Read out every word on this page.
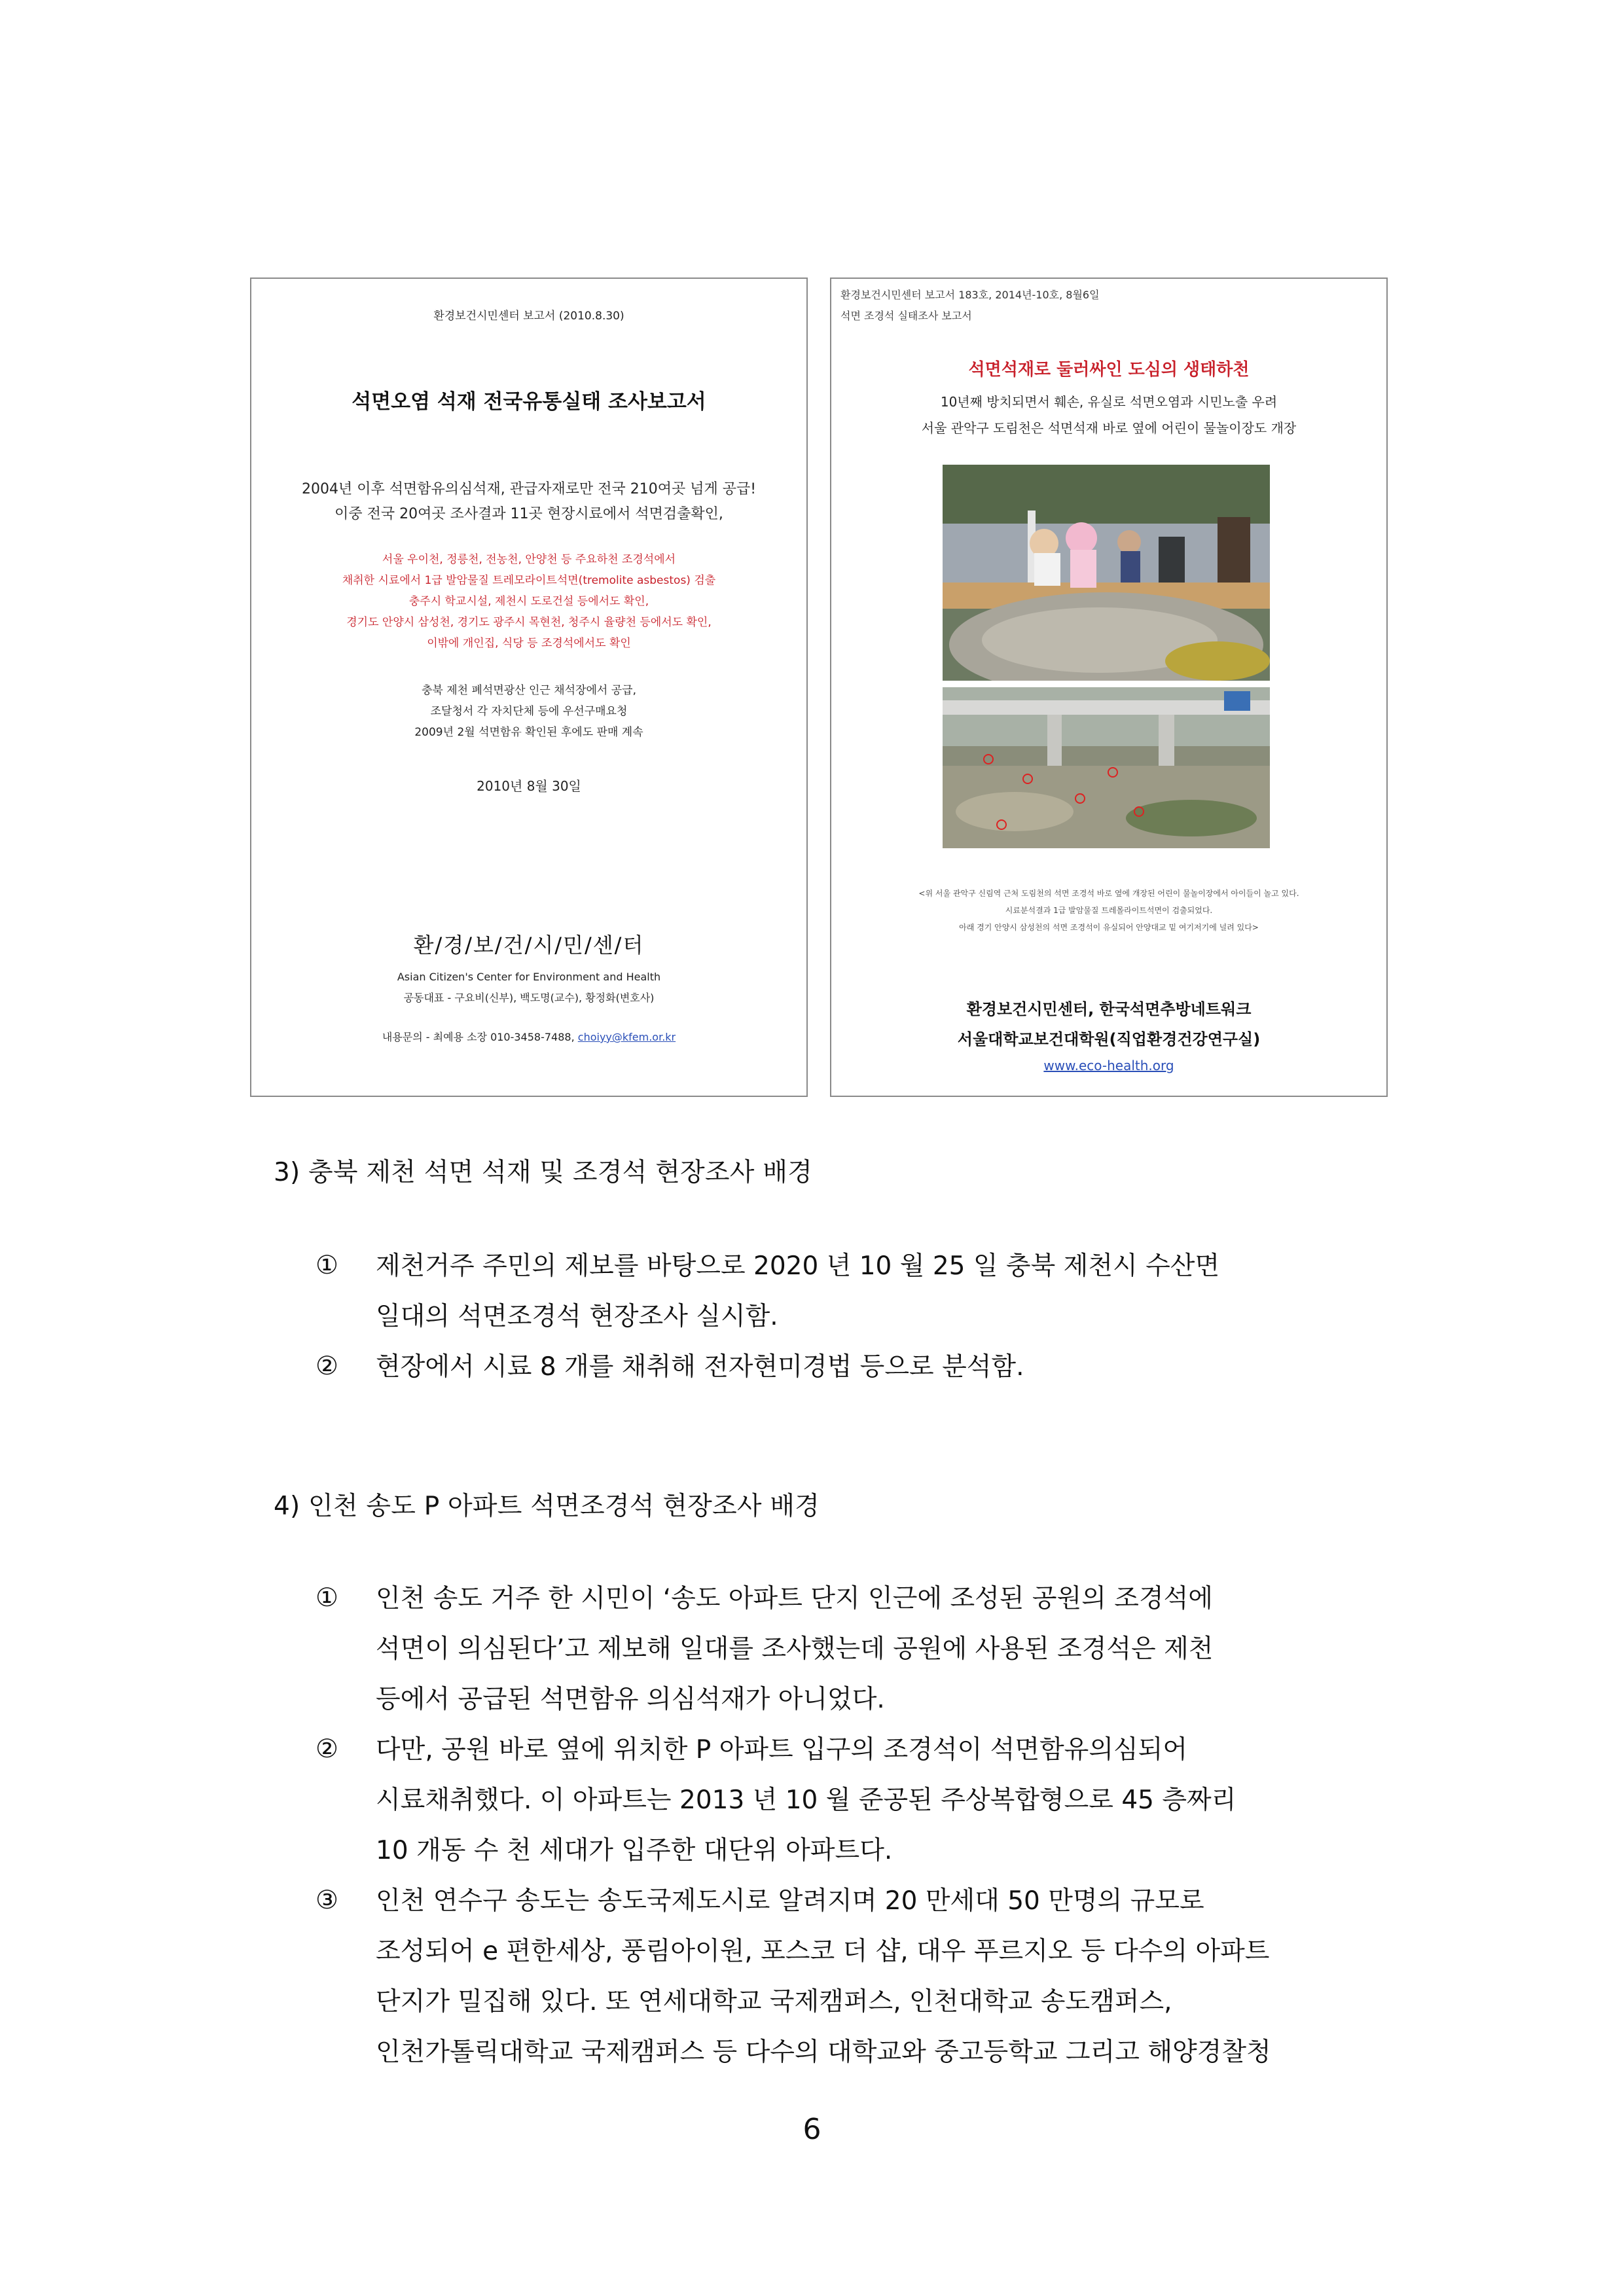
환경보건시민센터 보고서 (2010.8.30)
석면오염 석재 전국유통실태 조사보고서
2004년 이후 석면함유의심석재, 관급자재로만 전국 210여곳 넘게 공급!
이중 전국 20여곳 조사결과 11곳 현장시료에서 석면검출확인,
서울 우이천, 정릉천, 전농천, 안양천 등 주요하천 조경석에서
채취한 시료에서 1급 발암물질 트레모라이트석면(tremolite asbestos) 검출
충주시 학교시설, 제천시 도로건설 등에서도 확인,
경기도 안양시 삼성천, 경기도 광주시 목현천, 청주시 율량천 등에서도 확인,
이밖에 개인집, 식당 등 조경석에서도 확인
충북 제천 폐석면광산 인근 채석장에서 공급,
조달청서 각 자치단체 등에 우선구매요청
2009년 2월 석면함유 확인된 후에도 판매 계속
2010년 8월 30일
환/경/보/건/시/민/센/터
Asian Citizen's Center for Environment and Health
공동대표 - 구요비(신부), 백도명(교수), 황정화(변호사)
내용문의 - 최예용 소장 010-3458-7488, choiyy@kfem.or.kr
환경보건시민센터 보고서 183호, 2014년-10호, 8월6일
석면 조경석 실태조사 보고서
석면석재로 둘러싸인 도심의 생태하천
10년째 방치되면서 훼손, 유실로 석면오염과 시민노출 우려
서울 관악구 도림천은 석면석재 바로 옆에 어린이 물놀이장도 개장
<위 서울 관악구 신림역 근처 도림천의 석면 조경석 바로 옆에 개장된 어린이 물놀이장에서 아이들이 놀고 있다.
시료분석결과 1급 발암물질 트레몰라이트석면이 검출되었다.
아래 경기 안양시 삼성천의 석면 조경석이 유실되어 안양대교 밑 여기저기에 널려 있다>
환경보건시민센터, 한국석면추방네트워크
서울대학교보건대학원(직업환경건강연구실)
www.eco-health.org
3) 충북 제천 석면 석재 및 조경석 현장조사 배경
① 제천거주 주민의 제보를 바탕으로 2020 년 10 월 25 일 충북 제천시 수산면
일대의 석면조경석 현장조사 실시함.
② 현장에서 시료 8 개를 채취해 전자현미경법 등으로 분석함.
4) 인천 송도 P 아파트 석면조경석 현장조사 배경
① 인천 송도 거주 한 시민이 ‘송도 아파트 단지 인근에 조성된 공원의 조경석에
석면이 의심된다’고 제보해 일대를 조사했는데 공원에 사용된 조경석은 제천
등에서 공급된 석면함유 의심석재가 아니었다.
② 다만, 공원 바로 옆에 위치한 P 아파트 입구의 조경석이 석면함유의심되어
시료채취했다. 이 아파트는 2013 년 10 월 준공된 주상복합형으로 45 층짜리
10 개동 수 천 세대가 입주한 대단위 아파트다.
③ 인천 연수구 송도는 송도국제도시로 알려지며 20 만세대 50 만명의 규모로
조성되어 e 편한세상, 풍림아이원, 포스코 더 샵, 대우 푸르지오 등 다수의 아파트
단지가 밀집해 있다. 또 연세대학교 국제캠퍼스, 인천대학교 송도캠퍼스,
인천가톨릭대학교 국제캠퍼스 등 다수의 대학교와 중고등학교 그리고 해양경찰청
6
